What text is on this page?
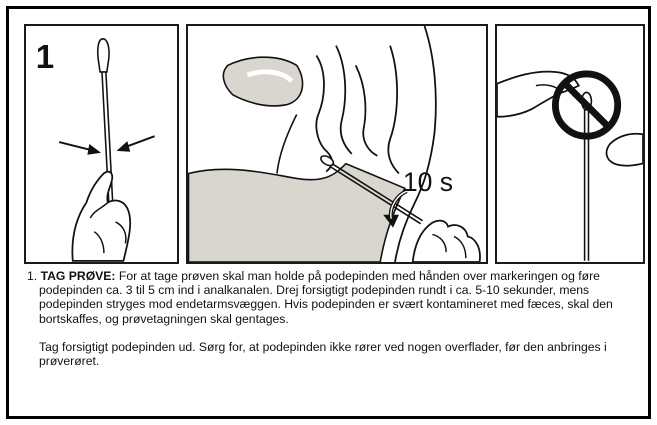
1
10 s

1. TAG PRØVE: For at tage prøven skal man holde på podepinden med hånden over markeringen og føre podepinden ca. 3 til 5 cm ind i analkanalen. Drej forsigtigt podepinden rundt i ca. 5-10 sekunder, mens podepinden stryges mod endetarmsvæggen. Hvis podepinden er svært kontamineret med fæces, skal den bortskaffes, og prøvetagningen skal gentages.

Tag forsigtigt podepinden ud. Sørg for, at podepinden ikke rører ved nogen overflader, før den anbringes i prøverøret.
